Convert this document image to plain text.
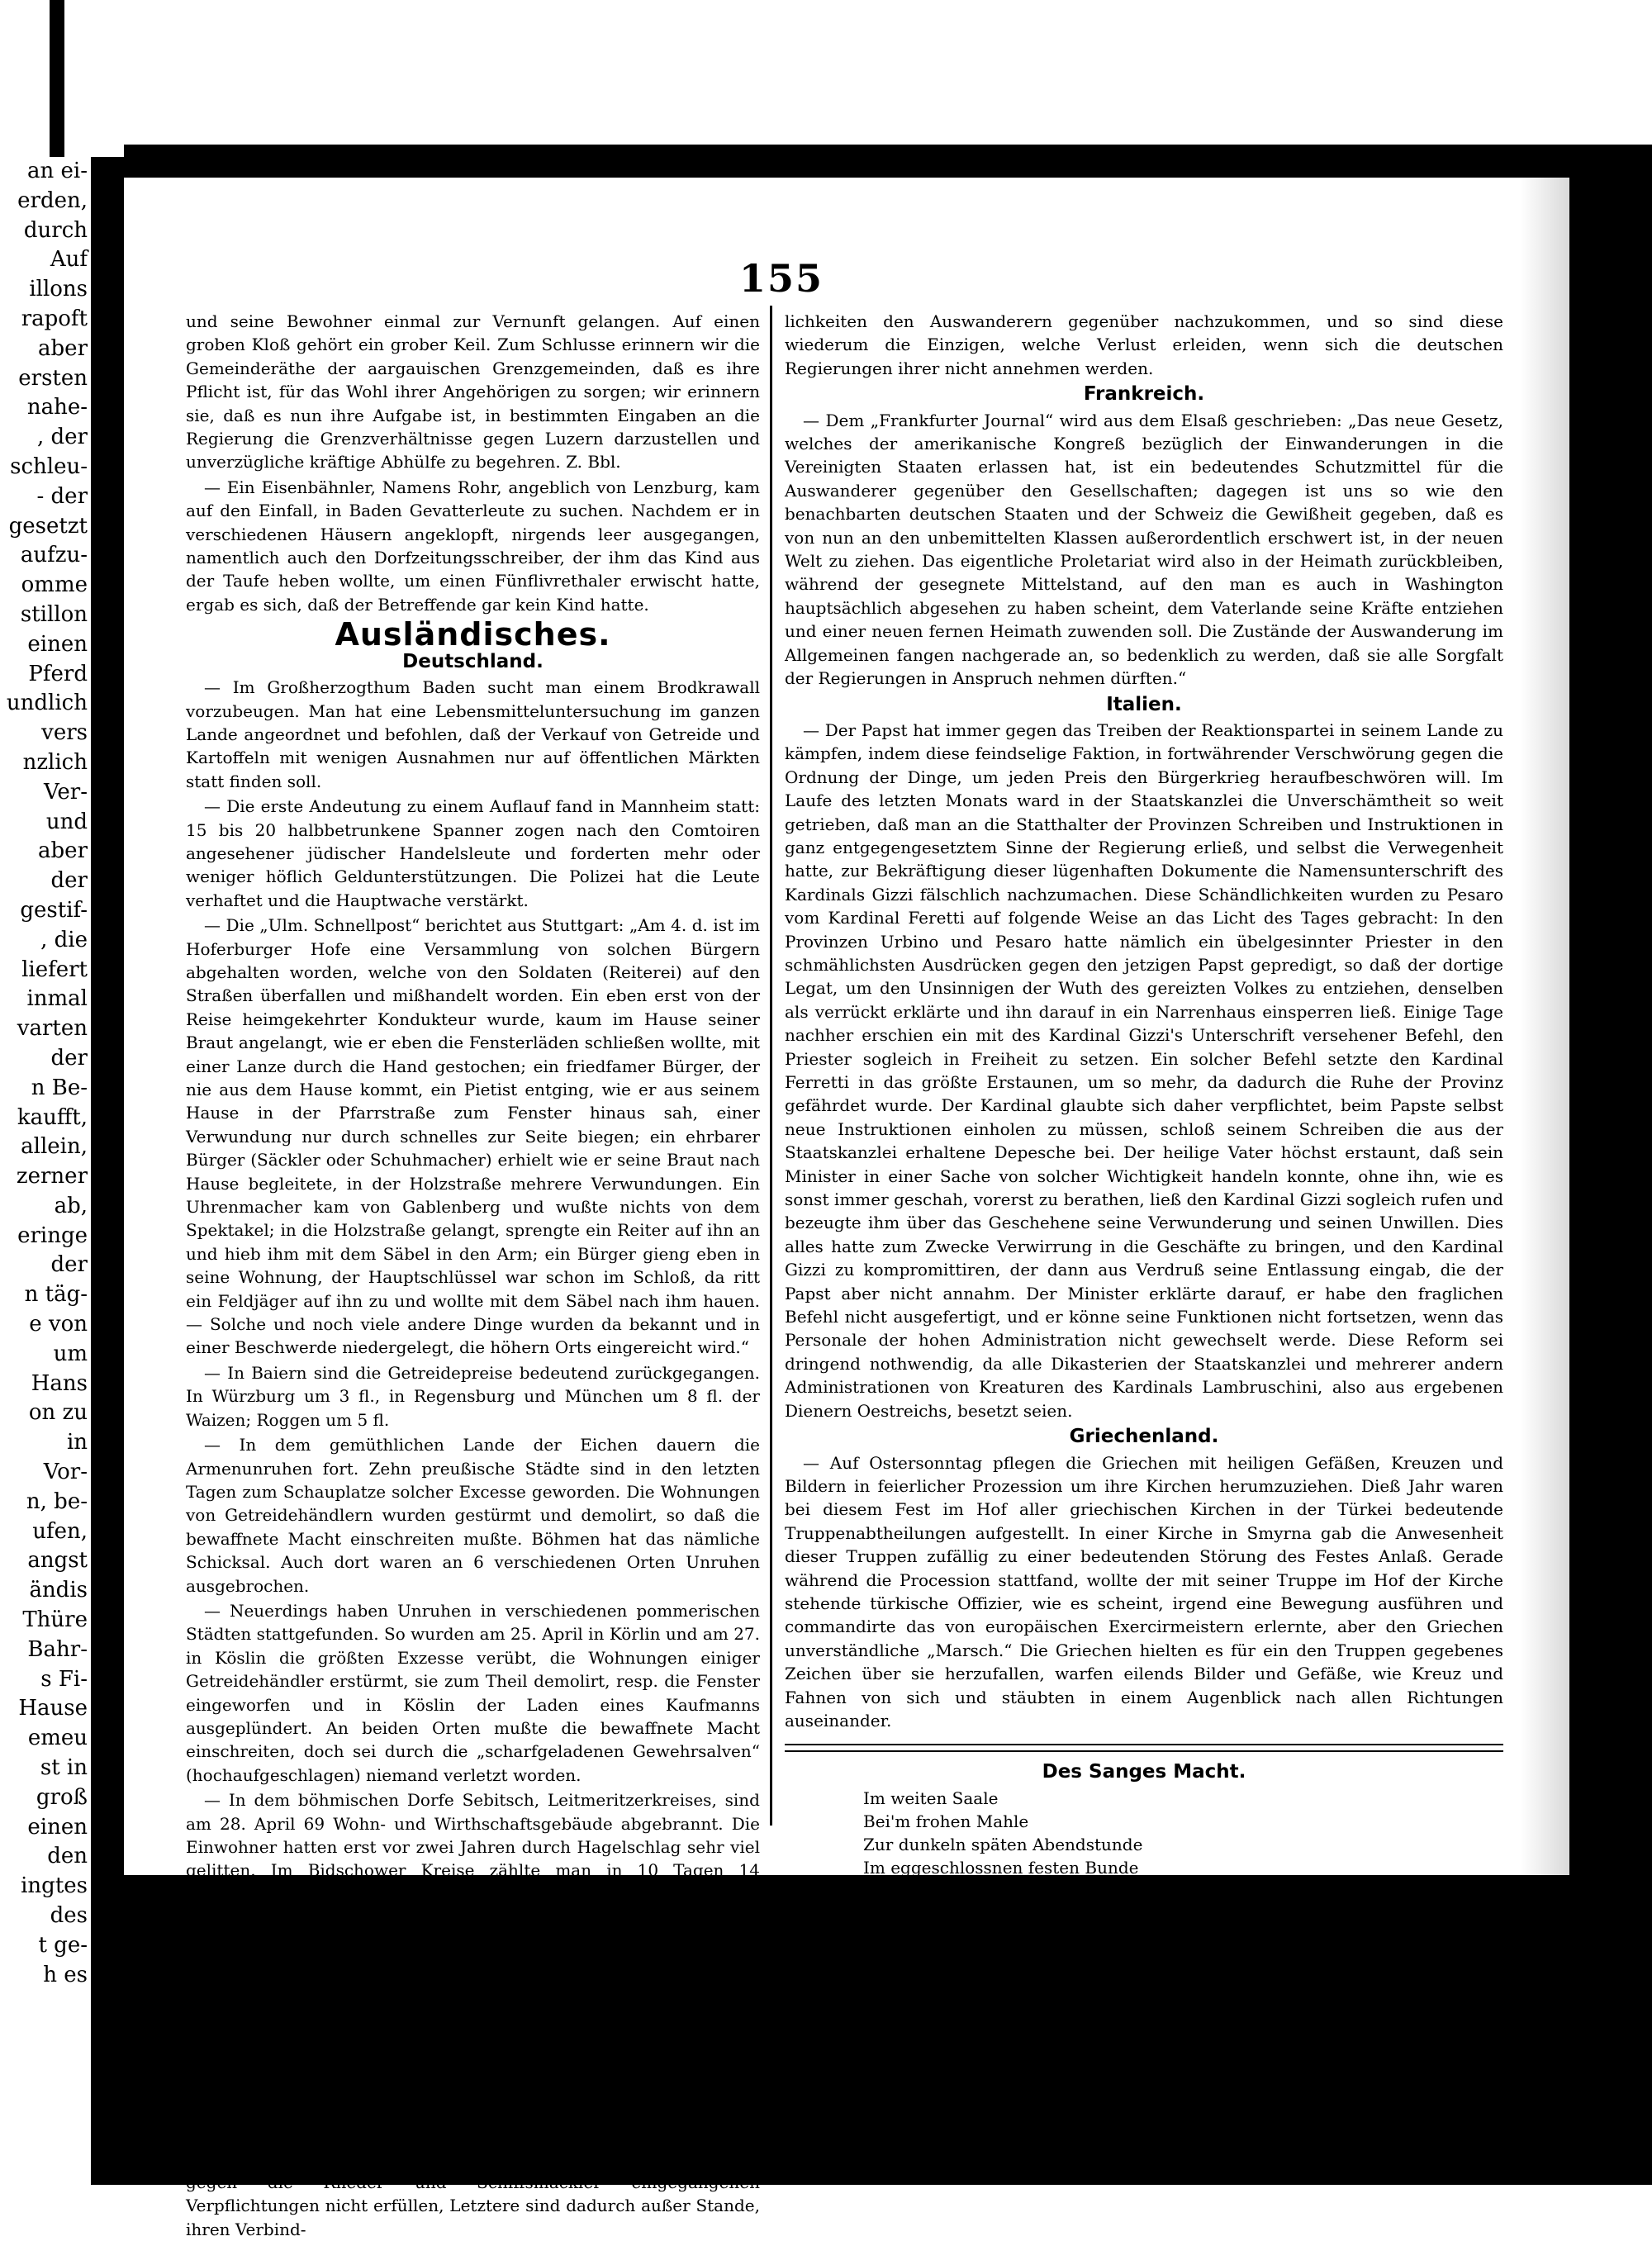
an ei-
erden,
durch
Auf
illons
rapoft
aber
ersten
nahe-
, der
schleu-
- der
gesetzt
aufzu-
omme
stillon
einen
Pferd
undlich
vers
nzlich
Ver-
und
aber
der
gestif-
, die
liefert
inmal
varten
der
n Be-
kaufft,
allein,
zerner
ab,
eringe
der
n täg-
e von
um
Hans
on zu
in
Vor-
n, be-
ufen,
angst
ändis
Thüre
Bahr-
s Fi-
Hause
emeu
st in
groß
einen
den
ingtes
des
t ge-
h es
155

und seine Bewohner einmal zur Vernunft gelangen. Auf einen groben Kloß gehört ein grober Keil. Zum Schlusse erinnern wir die Gemeinderäthe der aargauischen Grenzgemeinden, daß es ihre Pflicht ist, für das Wohl ihrer Angehörigen zu sorgen; wir erinnern sie, daß es nun ihre Aufgabe ist, in bestimmten Eingaben an die Regierung die Grenzverhältnisse gegen Luzern darzustellen und unverzügliche kräftige Abhülfe zu begehren. Z. Bbl.

— Ein Eisenbähnler, Namens Rohr, angeblich von Lenzburg, kam auf den Einfall, in Baden Gevatterleute zu suchen. Nachdem er in verschiedenen Häusern angeklopft, nirgends leer ausgegangen, namentlich auch den Dorfzeitungsschreiber, der ihm das Kind aus der Taufe heben wollte, um einen Fünflivrethaler erwischt hatte, ergab es sich, daß der Betreffende gar kein Kind hatte.

Ausländisches.
Deutschland.

— Im Großherzogthum Baden sucht man einem Brodkrawall vorzubeugen. Man hat eine Lebensmitteluntersuchung im ganzen Lande angeordnet und befohlen, daß der Verkauf von Getreide und Kartoffeln mit wenigen Ausnahmen nur auf öffentlichen Märkten statt finden soll.

— Die erste Andeutung zu einem Auflauf fand in Mannheim statt: 15 bis 20 halbbetrunkene Spanner zogen nach den Comtoiren angesehener jüdischer Handelsleute und forderten mehr oder weniger höflich Geldunterstützungen. Die Polizei hat die Leute verhaftet und die Hauptwache verstärkt.

— Die „Ulm. Schnellpost“ berichtet aus Stuttgart: „Am 4. d. ist im Hoferburger Hofe eine Versammlung von solchen Bürgern abgehalten worden, welche von den Soldaten (Reiterei) auf den Straßen überfallen und mißhandelt worden. Ein eben erst von der Reise heimgekehrter Kondukteur wurde, kaum im Hause seiner Braut angelangt, wie er eben die Fensterläden schließen wollte, mit einer Lanze durch die Hand gestochen; ein friedfamer Bürger, der nie aus dem Hause kommt, ein Pietist entging, wie er aus seinem Hause in der Pfarrstraße zum Fenster hinaus sah, einer Verwundung nur durch schnelles zur Seite biegen; ein ehrbarer Bürger (Säckler oder Schuhmacher) erhielt wie er seine Braut nach Hause begleitete, in der Holzstraße mehrere Verwundungen. Ein Uhrenmacher kam von Gablenberg und wußte nichts von dem Spektakel; in die Holzstraße gelangt, sprengte ein Reiter auf ihn an und hieb ihm mit dem Säbel in den Arm; ein Bürger gieng eben in seine Wohnung, der Hauptschlüssel war schon im Schloß, da ritt ein Feldjäger auf ihn zu und wollte mit dem Säbel nach ihm hauen. — Solche und noch viele andere Dinge wurden da bekannt und in einer Beschwerde niedergelegt, die höhern Orts eingereicht wird.“

— In Baiern sind die Getreidepreise bedeutend zurückgegangen. In Würzburg um 3 fl., in Regensburg und München um 8 fl. der Waizen; Roggen um 5 fl.

— In dem gemüthlichen Lande der Eichen dauern die Armenunruhen fort. Zehn preußische Städte sind in den letzten Tagen zum Schauplatze solcher Excesse geworden. Die Wohnungen von Getreidehändlern wurden gestürmt und demolirt, so daß die bewaffnete Macht einschreiten mußte. Böhmen hat das nämliche Schicksal. Auch dort waren an 6 verschiedenen Orten Unruhen ausgebrochen.

— Neuerdings haben Unruhen in verschiedenen pommerischen Städten stattgefunden. So wurden am 25. April in Körlin und am 27. in Köslin die größten Exzesse verübt, die Wohnungen einiger Getreidehändler erstürmt, sie zum Theil demolirt, resp. die Fenster eingeworfen und in Köslin der Laden eines Kaufmanns ausgeplündert. An beiden Orten mußte die bewaffnete Macht einschreiten, doch sei durch die „scharfgeladenen Gewehrsalven“ (hochaufgeschlagen) niemand verletzt worden.

— In dem böhmischen Dorfe Sebitsch, Leitmeritzerkreises, sind am 28. April 69 Wohn- und Wirthschaftsgebäude abgebrannt. Die Einwohner hatten erst vor zwei Jahren durch Hagelschlag sehr viel gelitten. Im Bidschower Kreise zählte man in 10 Tagen 14 Feuerbrünste.

— Infanterie und Kavallerie stehen in Hessen-Darmstadt auf dem Piket weil man Emeuten fürchtet. Der Staatsminister, Freiherr du Thil, soll Drohbriefe erhalten haben und in den letzten Nächten wurde das Haus des Bürgermeisters in besondern polizeilichen Schutz genommen.

Niederlande.

— Zehntausend deutsche Auswanderer liegen in Rotterdam, ohne daß sie von den Rhedern fortgeschafft werden können. Die Schiffskapitäne wollen sie selbst zu doppelten Preisen nicht mitnehmen. Durch das neue amerikanische Gesetz sind alle Rechtsverhältnisse verwickelt worden. Die Kapitäne wollen die gegen die Rheder und Schiffsmäckler eingegangenen Verpflichtungen nicht erfüllen, Letztere sind dadurch außer Stande, ihren Verbind-

lichkeiten den Auswanderern gegenüber nachzukommen, und so sind diese wiederum die Einzigen, welche Verlust erleiden, wenn sich die deutschen Regierungen ihrer nicht annehmen werden.

Frankreich.

— Dem „Frankfurter Journal“ wird aus dem Elsaß geschrieben: „Das neue Gesetz, welches der amerikanische Kongreß bezüglich der Einwanderungen in die Vereinigten Staaten erlassen hat, ist ein bedeutendes Schutzmittel für die Auswanderer gegenüber den Gesellschaften; dagegen ist uns so wie den benachbarten deutschen Staaten und der Schweiz die Gewißheit gegeben, daß es von nun an den unbemittelten Klassen außerordentlich erschwert ist, in der neuen Welt zu ziehen. Das eigentliche Proletariat wird also in der Heimath zurückbleiben, während der gesegnete Mittelstand, auf den man es auch in Washington hauptsächlich abgesehen zu haben scheint, dem Vaterlande seine Kräfte entziehen und einer neuen fernen Heimath zuwenden soll. Die Zustände der Auswanderung im Allgemeinen fangen nachgerade an, so bedenklich zu werden, daß sie alle Sorgfalt der Regierungen in Anspruch nehmen dürften.“

Italien.

— Der Papst hat immer gegen das Treiben der Reaktionspartei in seinem Lande zu kämpfen, indem diese feindselige Faktion, in fortwährender Verschwörung gegen die Ordnung der Dinge, um jeden Preis den Bürgerkrieg heraufbeschwören will. Im Laufe des letzten Monats ward in der Staatskanzlei die Unverschämtheit so weit getrieben, daß man an die Statthalter der Provinzen Schreiben und Instruktionen in ganz entgegengesetztem Sinne der Regierung erließ, und selbst die Verwegenheit hatte, zur Bekräftigung dieser lügenhaften Dokumente die Namensunterschrift des Kardinals Gizzi fälschlich nachzumachen. Diese Schändlichkeiten wurden zu Pesaro vom Kardinal Feretti auf folgende Weise an das Licht des Tages gebracht: In den Provinzen Urbino und Pesaro hatte nämlich ein übelgesinnter Priester in den schmählichsten Ausdrücken gegen den jetzigen Papst gepredigt, so daß der dortige Legat, um den Unsinnigen der Wuth des gereizten Volkes zu entziehen, denselben als verrückt erklärte und ihn darauf in ein Narrenhaus einsperren ließ. Einige Tage nachher erschien ein mit des Kardinal Gizzi's Unterschrift versehener Befehl, den Priester sogleich in Freiheit zu setzen. Ein solcher Befehl setzte den Kardinal Ferretti in das größte Erstaunen, um so mehr, da dadurch die Ruhe der Provinz gefährdet wurde. Der Kardinal glaubte sich daher verpflichtet, beim Papste selbst neue Instruktionen einholen zu müssen, schloß seinem Schreiben die aus der Staatskanzlei erhaltene Depesche bei. Der heilige Vater höchst erstaunt, daß sein Minister in einer Sache von solcher Wichtigkeit handeln konnte, ohne ihn, wie es sonst immer geschah, vorerst zu berathen, ließ den Kardinal Gizzi sogleich rufen und bezeugte ihm über das Geschehene seine Verwunderung und seinen Unwillen. Dies alles hatte zum Zwecke Verwirrung in die Geschäfte zu bringen, und den Kardinal Gizzi zu kompromittiren, der dann aus Verdruß seine Entlassung eingab, die der Papst aber nicht annahm. Der Minister erklärte darauf, er habe den fraglichen Befehl nicht ausgefertigt, und er könne seine Funktionen nicht fortsetzen, wenn das Personale der hohen Administration nicht gewechselt werde. Diese Reform sei dringend nothwendig, da alle Dikasterien der Staatskanzlei und mehrerer andern Administrationen von Kreaturen des Kardinals Lambruschini, also aus ergebenen Dienern Oestreichs, besetzt seien.

Griechenland.

— Auf Ostersonntag pflegen die Griechen mit heiligen Gefäßen, Kreuzen und Bildern in feierlicher Prozession um ihre Kirchen herumzuziehen. Dieß Jahr waren bei diesem Fest im Hof aller griechischen Kirchen in der Türkei bedeutende Truppenabtheilungen aufgestellt. In einer Kirche in Smyrna gab die Anwesenheit dieser Truppen zufällig zu einer bedeutenden Störung des Festes Anlaß. Gerade während die Procession stattfand, wollte der mit seiner Truppe im Hof der Kirche stehende türkische Offizier, wie es scheint, irgend eine Bewegung ausführen und commandirte das von europäischen Exercirmeistern erlernte, aber den Griechen unverständliche „Marsch.“ Die Griechen hielten es für ein den Truppen gegebenes Zeichen über sie herzufallen, warfen eilends Bilder und Gefäße, wie Kreuz und Fahnen von sich und stäubten in einem Augenblick nach allen Richtungen auseinander.

Des Sanges Macht.
Im weiten Saale
Bei'm frohen Mahle
Zur dunkeln späten Abendstunde
Im eggeschlossnen festen Bunde
Da sitzen mächt'ge Grafen, von Uebermuth geschwellt,
Und dünken sich die Herren der weiten Gotteswelt.
Im wüsten Grimme
Schallt manche Stimme,
